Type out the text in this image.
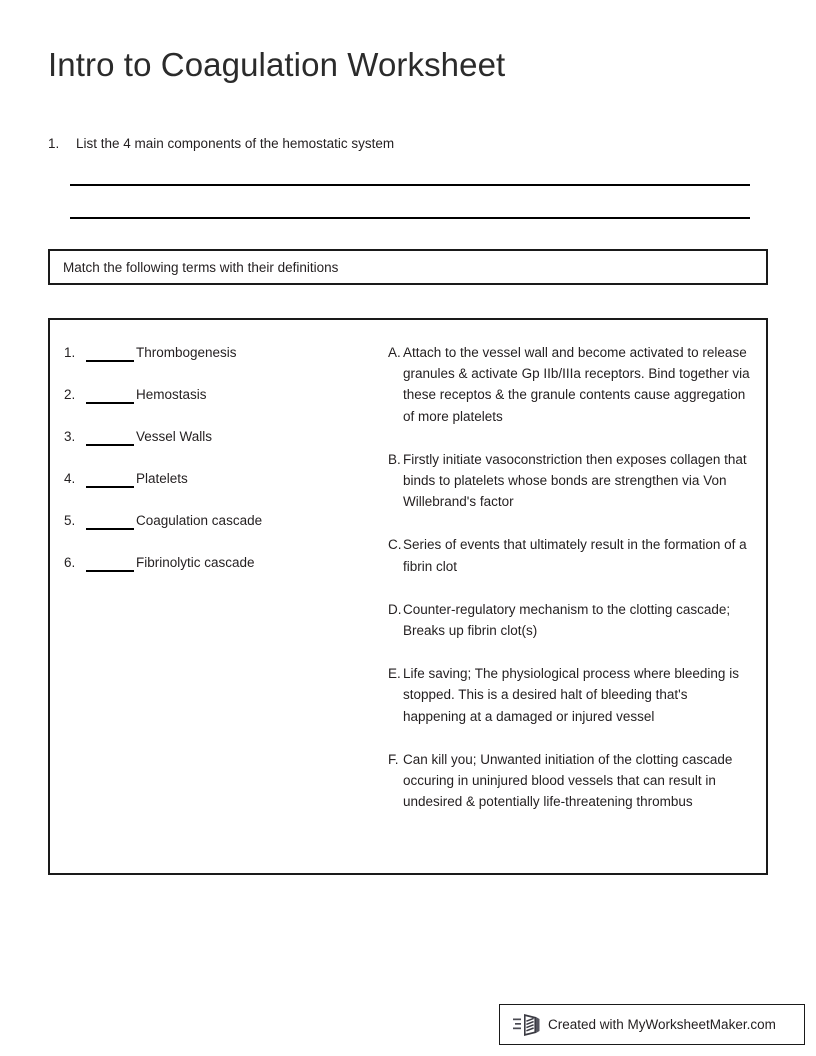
Intro to Coagulation Worksheet
1. List the 4 main components of the hemostatic system
Match the following terms with their definitions
1.	Thrombogenesis
2.	Hemostasis
3.	Vessel Walls
4.	Platelets
5.	Coagulation cascade
6.	Fibrinolytic cascade
A. Attach to the vessel wall and become activated to release granules & activate Gp IIb/IIIa receptors. Bind together via these receptos & the granule contents cause aggregation of more platelets
B. Firstly initiate vasoconstriction then exposes collagen that binds to platelets whose bonds are strengthen via Von Willebrand's factor
C. Series of events that ultimately result in the formation of a fibrin clot
D. Counter-regulatory mechanism to the clotting cascade; Breaks up fibrin clot(s)
E. Life saving; The physiological process where bleeding is stopped. This is a desired halt of bleeding that's happening at a damaged or injured vessel
F. Can kill you; Unwanted initiation of the clotting cascade occuring in uninjured blood vessels that can result in undesired & potentially life-threatening thrombus
Created with MyWorksheetMaker.com
